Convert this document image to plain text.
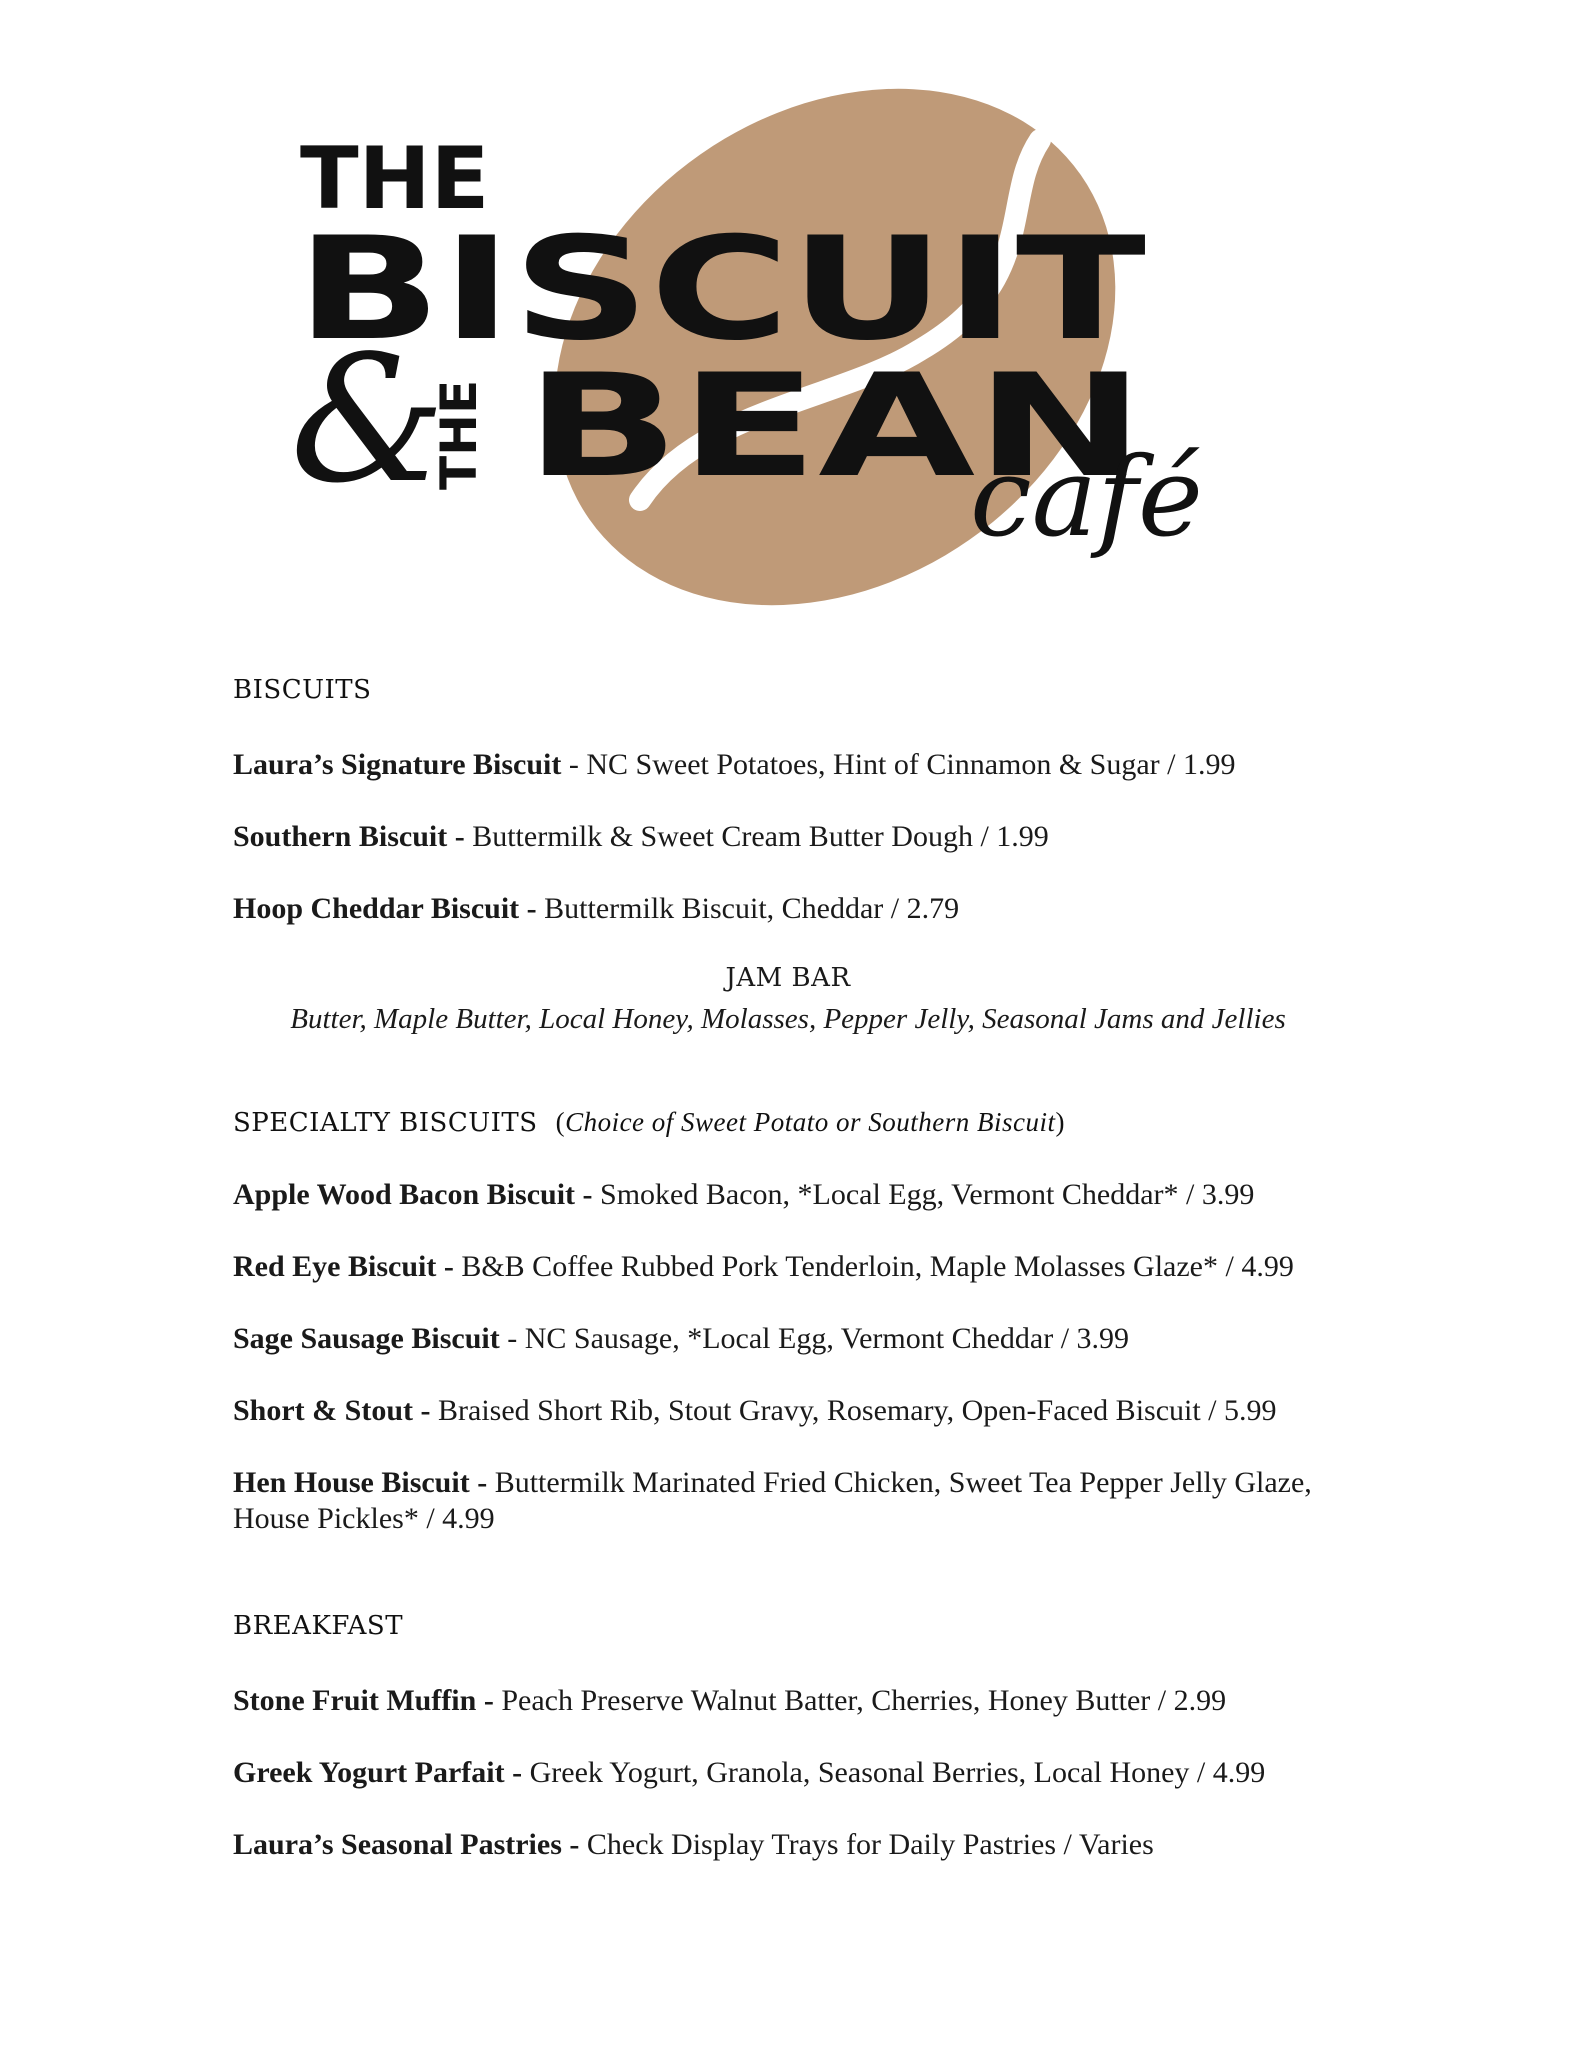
THE
BISCUIT
&
THE BEAN
café
BISCUITS
Laura’s Signature Biscuit - NC Sweet Potatoes, Hint of Cinnamon & Sugar / 1.99
Southern Biscuit - Buttermilk & Sweet Cream Butter Dough / 1.99
Hoop Cheddar Biscuit - Buttermilk Biscuit, Cheddar / 2.79
JAM BAR
Butter, Maple Butter, Local Honey, Molasses, Pepper Jelly, Seasonal Jams and Jellies
SPECIALTY BISCUITS (Choice of Sweet Potato or Southern Biscuit)
Apple Wood Bacon Biscuit - Smoked Bacon, *Local Egg, Vermont Cheddar* / 3.99
Red Eye Biscuit - B&B Coffee Rubbed Pork Tenderloin, Maple Molasses Glaze* / 4.99
Sage Sausage Biscuit - NC Sausage, *Local Egg, Vermont Cheddar / 3.99
Short & Stout - Braised Short Rib, Stout Gravy, Rosemary, Open-Faced Biscuit / 5.99
Hen House Biscuit - Buttermilk Marinated Fried Chicken, Sweet Tea Pepper Jelly Glaze, House Pickles* / 4.99
BREAKFAST
Stone Fruit Muffin - Peach Preserve Walnut Batter, Cherries, Honey Butter / 2.99
Greek Yogurt Parfait - Greek Yogurt, Granola, Seasonal Berries, Local Honey / 4.99
Laura’s Seasonal Pastries - Check Display Trays for Daily Pastries / Varies
